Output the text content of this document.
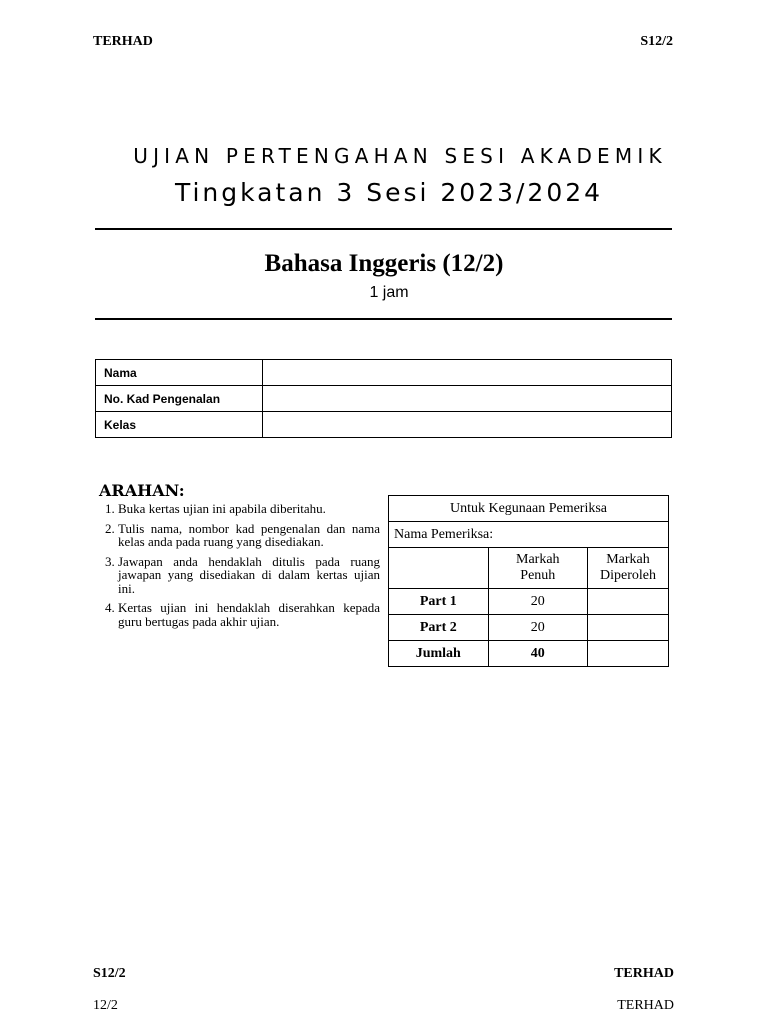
TERHAD	S12/2
UJIAN PERTENGAHAN SESI AKADEMIK
Tingkatan 3 Sesi 2023/2024
Bahasa Inggeris (12/2)
1 jam
Nama	
No. Kad Pengenalan	
Kelas	
ARAHAN:
1. Buka kertas ujian ini apabila diberitahu.
2. Tulis nama, nombor kad pengenalan dan nama kelas anda pada ruang yang disediakan.
3. Jawapan anda hendaklah ditulis pada ruang jawapan yang disediakan di dalam kertas ujian ini.
4. Kertas ujian ini hendaklah diserahkan kepada guru bertugas pada akhir ujian.
Untuk Kegunaan Pemeriksa		
Nama Pemeriksa:		
	Markah Penuh	Markah Diperoleh
Part 1	20	
Part 2	20	
Jumlah	40	
S12/2	TERHAD
12/2	TERHAD
